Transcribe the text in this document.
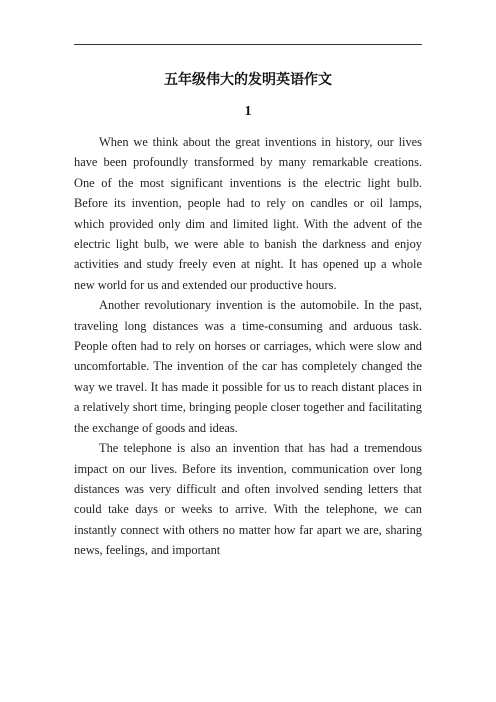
五年级伟大的发明英语作文
1

When we think about the great inventions in history, our lives have been profoundly transformed by many remarkable creations. One of the most significant inventions is the electric light bulb. Before its invention, people had to rely on candles or oil lamps, which provided only dim and limited light. With the advent of the electric light bulb, we were able to banish the darkness and enjoy activities and study freely even at night. It has opened up a whole new world for us and extended our productive hours.

Another revolutionary invention is the automobile. In the past, traveling long distances was a time-consuming and arduous task. People often had to rely on horses or carriages, which were slow and uncomfortable. The invention of the car has completely changed the way we travel. It has made it possible for us to reach distant places in a relatively short time, bringing people closer together and facilitating the exchange of goods and ideas.

The telephone is also an invention that has had a tremendous impact on our lives. Before its invention, communication over long distances was very difficult and often involved sending letters that could take days or weeks to arrive. With the telephone, we can instantly connect with others no matter how far apart we are, sharing news, feelings, and important
